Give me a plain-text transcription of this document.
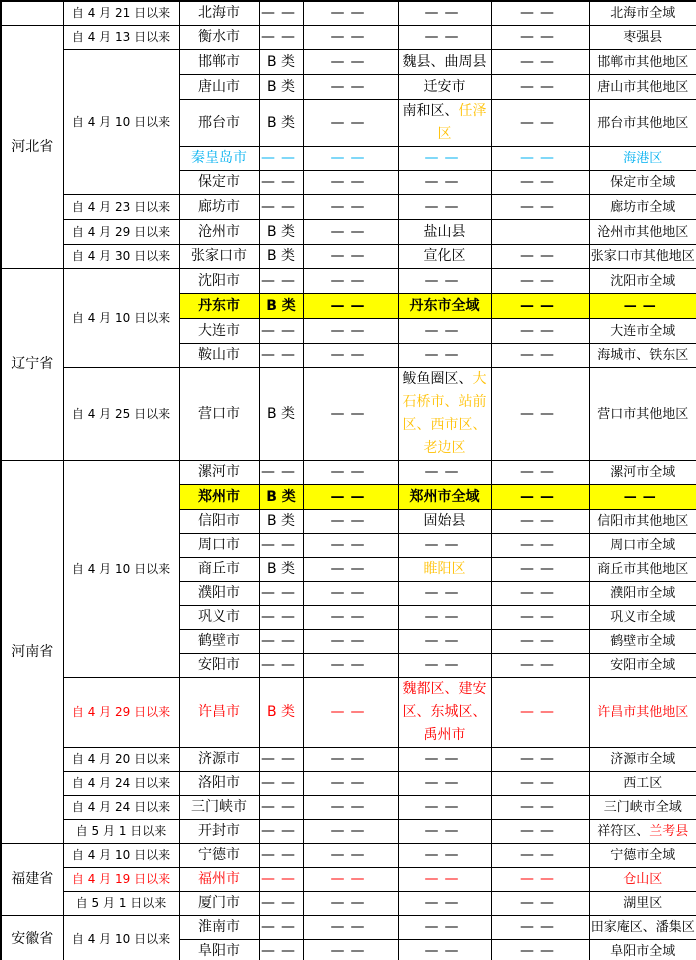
	自 4 月 21 日以来	北海市	——	——	——	——	北海市全域
河北省	自 4 月 13 日以来	衡水市	——	——	——	——	枣强县
	自 4 月 10 日以来	邯郸市	B 类	——	魏县、曲周县	——	邯郸市其他地区
		唐山市	B 类	——	迁安市	——	唐山市其他地区
		邢台市	B 类	——	南和区、任泽区	——	邢台市其他地区
		秦皇岛市	——	——	——	——	海港区
		保定市	——	——	——	——	保定市全域
	自 4 月 23 日以来	廊坊市	——	——	——	——	廊坊市全域
	自 4 月 29 日以来	沧州市	B 类	——	盐山县		沧州市其他地区
	自 4 月 30 日以来	张家口市	B 类	——	宣化区	——	张家口市其他地区
辽宁省	自 4 月 10 日以来	沈阳市	——	——	——	——	沈阳市全域
		丹东市	B 类	——	丹东市全域	——	——
		大连市	——	——	——	——	大连市全域
		鞍山市	——	——	——	——	海城市、铁东区
	自 4 月 25 日以来	营口市	B 类	——	鲅鱼圈区、大石桥市、站前区、西市区、老边区	——	营口市其他地区
河南省	自 4 月 10 日以来	漯河市	——	——	——	——	漯河市全域
		郑州市	B 类	——	郑州市全域	——	——
		信阳市	B 类	——	固始县	——	信阳市其他地区
		周口市	——	——	——	——	周口市全域
		商丘市	B 类	——	睢阳区	——	商丘市其他地区
		濮阳市	——	——	——	——	濮阳市全域
		巩义市	——	——	——	——	巩义市全域
		鹤壁市	——	——	——	——	鹤壁市全域
		安阳市	——	——	——	——	安阳市全域
	自 4 月 29 日以来	许昌市	B 类	——	魏都区、建安区、东城区、禹州市	——	许昌市其他地区
	自 4 月 20 日以来	济源市	——	——	——	——	济源市全域
	自 4 月 24 日以来	洛阳市	——	——	——	——	西工区
	自 4 月 24 日以来	三门峡市	——	——	——	——	三门峡市全域
	自 5 月 1 日以来	开封市	——	——	——	——	祥符区、兰考县
福建省	自 4 月 10 日以来	宁德市	——	——	——	——	宁德市全域
	自 4 月 19 日以来	福州市	——	——	——	——	仓山区
	自 5 月 1 日以来	厦门市	——	——	——	——	湖里区
安徽省	自 4 月 10 日以来	淮南市	——	——	——	——	田家庵区、潘集区
		阜阳市	——	——	——	——	阜阳市全域
